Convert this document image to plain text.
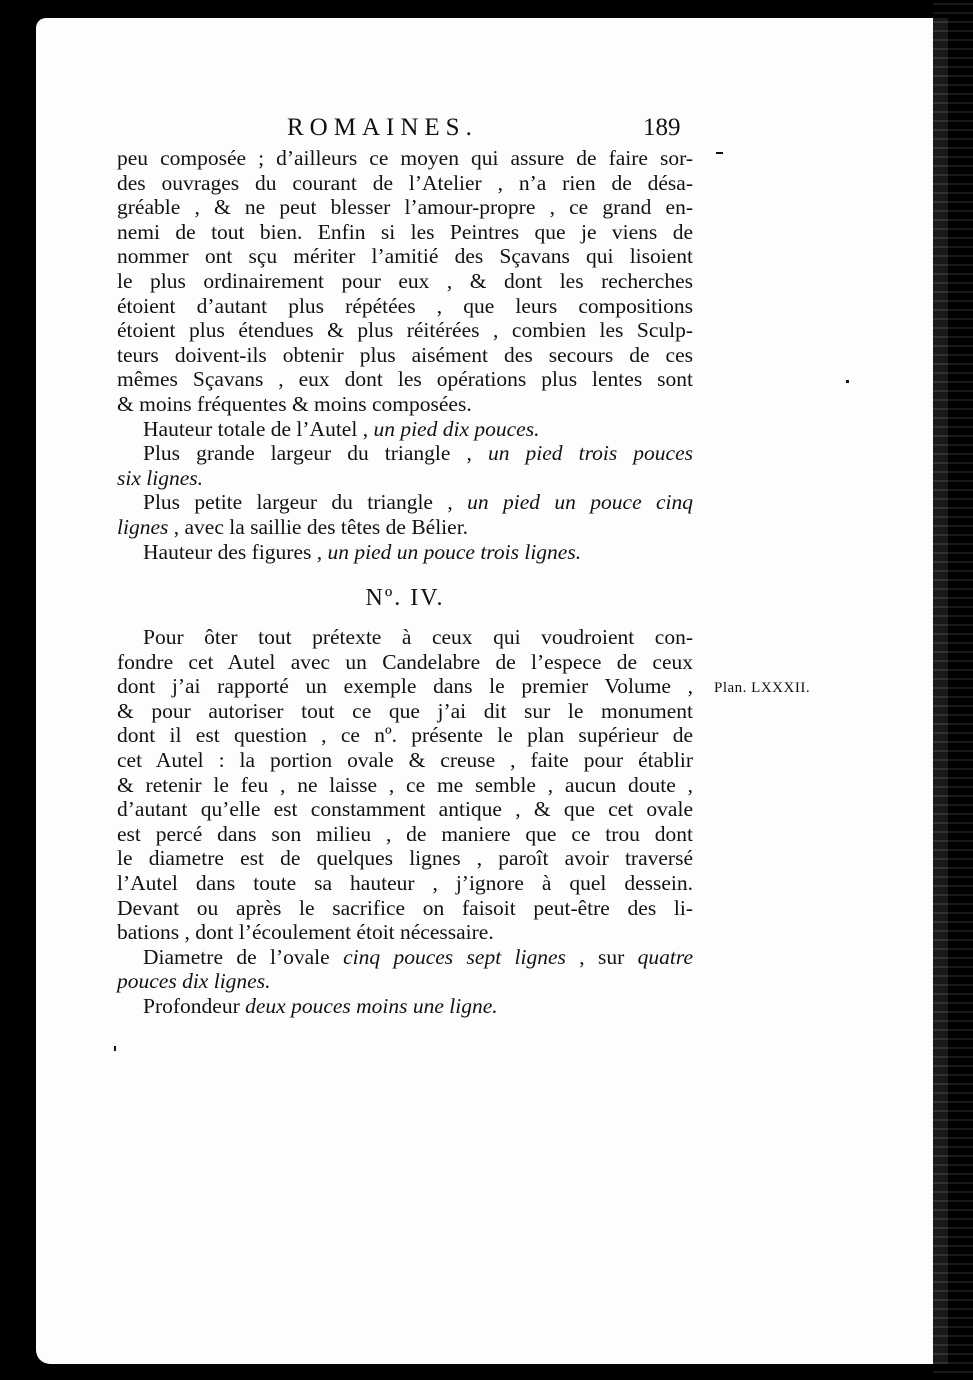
ROMAINES.	189
peu composée ; d’ailleurs ce moyen qui assure de faire sor-
des ouvrages du courant de l’Atelier , n’a rien de désa-
gréable , & ne peut blesser l’amour-propre , ce grand en-
nemi de tout bien. Enfin si les Peintres que je viens de
nommer ont sçu mériter l’amitié des Sçavans qui lisoient
le plus ordinairement pour eux , & dont les recherches
étoient d’autant plus répétées , que leurs compositions
étoient plus étendues & plus réitérées , combien les Sculp-
teurs doivent-ils obtenir plus aisément des secours de ces
mêmes Sçavans , eux dont les opérations plus lentes sont
& moins fréquentes & moins composées.
Hauteur totale de l’Autel , un pied dix pouces.
Plus grande largeur du triangle , un pied trois pouces
six lignes.
Plus petite largeur du triangle , un pied un pouce cinq
lignes , avec la saillie des têtes de Bélier.
Hauteur des figures , un pied un pouce trois lignes.
Nº. IV.
Pour ôter tout prétexte à ceux qui voudroient con-
fondre cet Autel avec un Candelabre de l’espece de ceux
dont j’ai rapporté un exemple dans le premier Volume ,
& pour autoriser tout ce que j’ai dit sur le monument
dont il est question , ce nº. présente le plan supérieur de
cet Autel : la portion ovale & creuse , faite pour établir
& retenir le feu , ne laisse , ce me semble , aucun doute ,
d’autant qu’elle est constamment antique , & que cet ovale
est percé dans son milieu , de maniere que ce trou dont
le diametre est de quelques lignes , paroît avoir traversé
l’Autel dans toute sa hauteur , j’ignore à quel dessein.
Devant ou après le sacrifice on faisoit peut-être des li-
bations , dont l’écoulement étoit nécessaire.
Diametre de l’ovale cinq pouces sept lignes , sur quatre
pouces dix lignes.
Profondeur deux pouces moins une ligne.
Plan. LXXXII.
